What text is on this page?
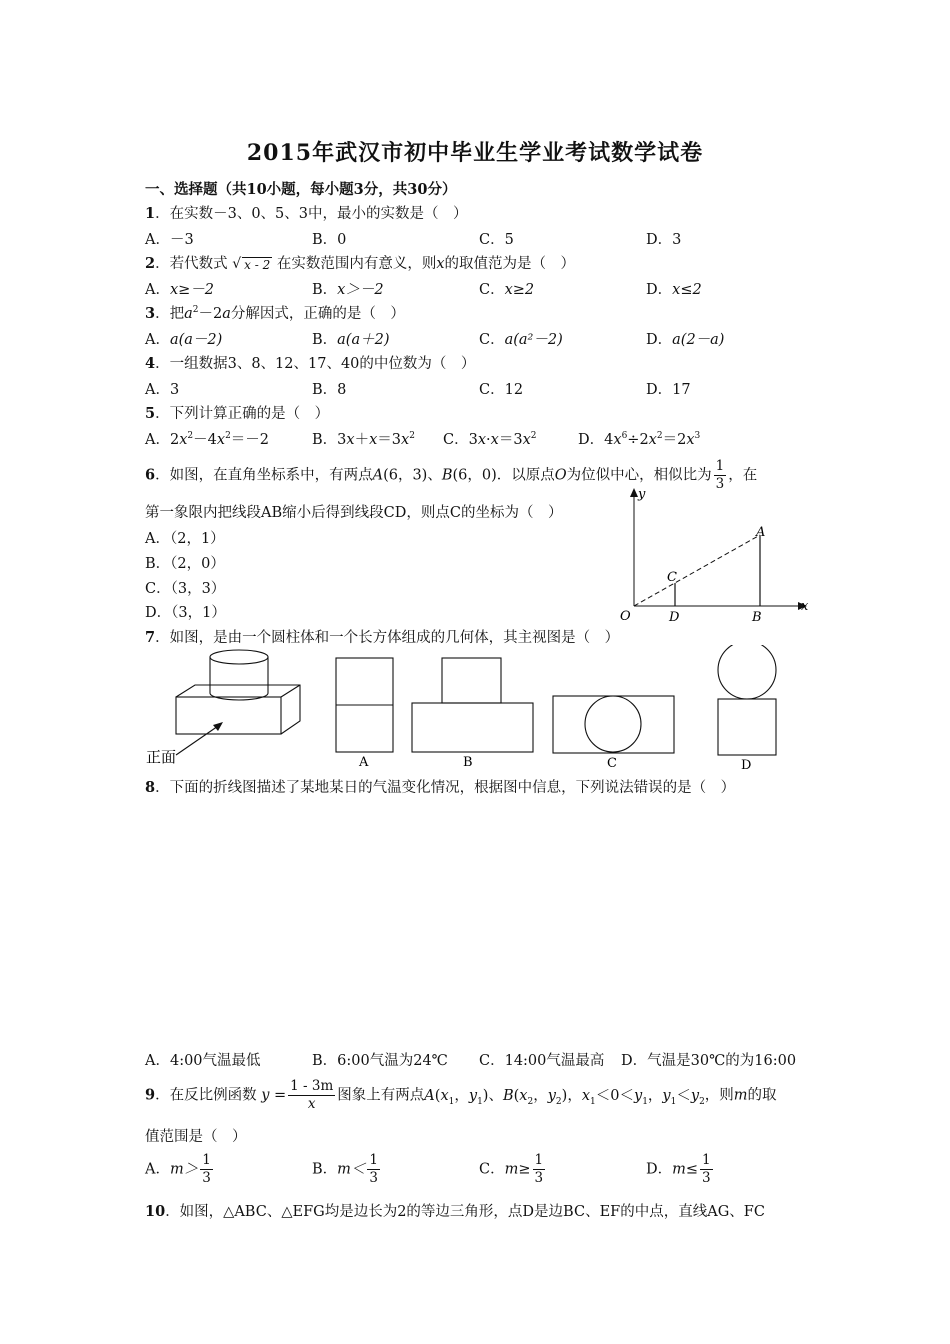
2015年武汉市初中毕业生学业考试数学试卷
一、选择题（共10小题，每小题3分，共30分）
1．在实数－3、0、5、3中，最小的实数是（　）
A．－3	B．0	C．5	D．3
2．若代数式 √ x - 2 在实数范围内有意义，则x的取值范为是（　）
A．x≥－2	B．x＞－2	C．x≥2	D．x≤2
3．把$a^2-2a$分解因式，正确的是（　）
A．a(a－2)	B．a(a＋2)	C．a(a²－2)	D．a(2－a)
4．一组数据3、8、12、17、40的中位数为（　）
A．3	B．8	C．12	D．17
5．下列计算正确的是（　）
A．$2x^2-4x^2=-2$	B．$3x+x=3x^2$ C．$3x\cdot x=3x^2$	D．$4x^6\div 2x^2=2x^3$
6．如图，在直角坐标系中，有两点A(6，3)、B(6，0)．以原点O为位似中心，相似比为 $\frac{1}{3}$ ，在
第一象限内把线段AB缩小后得到线段CD，则点C的坐标为（　）
A．（2，1）
B．（2，0）
C．（3，3）
D．（3，1）
y
x
O
A
B
C
D
7．如图，是由一个圆柱体和一个长方体组成的几何体，其主视图是（　）
正面	A	B	C	D
8．下面的折线图描述了某地某日的气温变化情况，根据图中信息，下列说法错误的是（　）
A．4:00气温最低	B．6:00气温为24℃ C．14:00气温最高 D．气温是30℃的为16:00
9．在反比例函数 $y = \frac{1 - 3m}{x}$ 图象上有两点$A(x_1$，$y_1$)、$B(x_2$，$y_2$)，$x_1<0<y_1$，$y_1<y_2$，则m的取
值范围是（　）
A．$m> \frac{1}{3}$	B．$m< \frac{1}{3}$	C．$m\ge \frac{1}{3}$	D．$m\le \frac{1}{3}$
10．如图，△ABC、△EFG均是边长为2的等边三角形，点D是边BC、EF的中点，直线AG、FC
